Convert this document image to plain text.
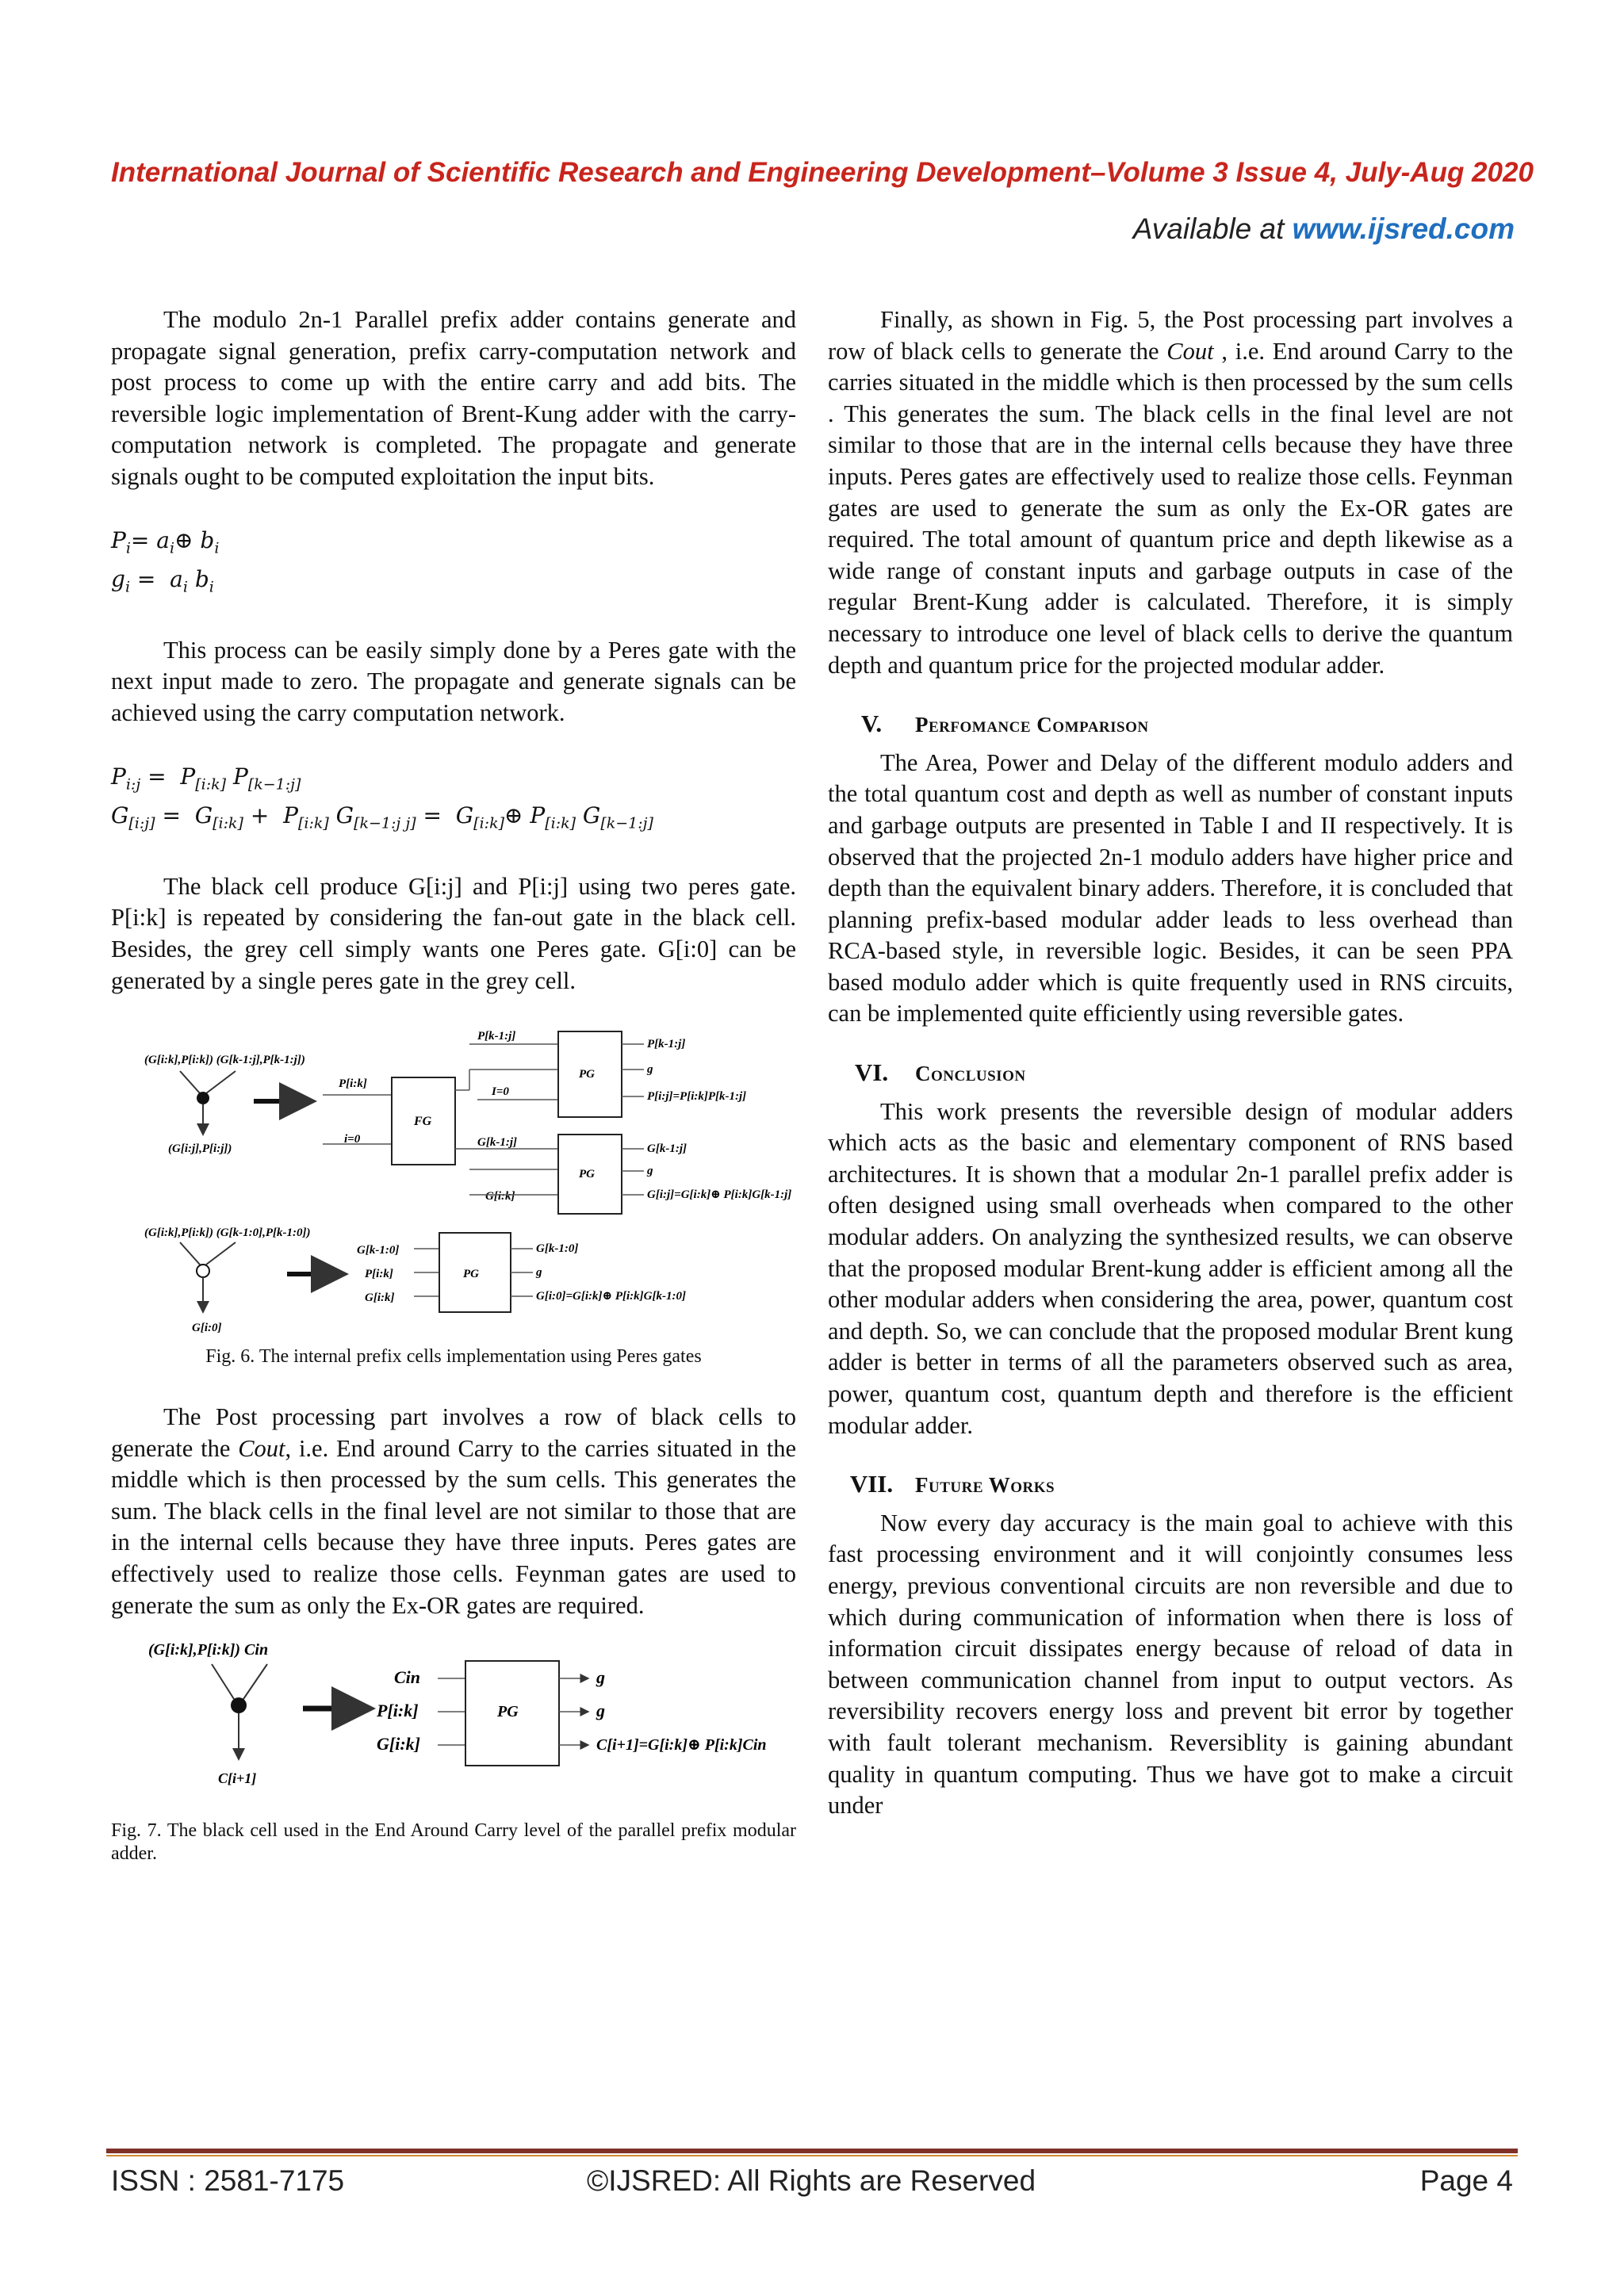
International Journal of Scientific Research and Engineering Development–Volume 3 Issue 4, July-Aug 2020
Available at www.ijsred.com

The modulo 2n-1 Parallel prefix adder contains generate and propagate signal generation, prefix carry-computation network and post process to come up with the entire carry and add bits. The reversible logic implementation of Brent-Kung adder with the carry-computation network is completed. The propagate and generate signals ought to be computed exploitation the input bits.

$P_i=$ $a_i\oplus$ $b_i$
$g_i = a_i$ $b_i$

This process can be easily simply done by a Peres gate with the next input made to zero. The propagate and generate signals can be achieved using the carry computation network.

$P_{i:j} = P_{[i:k]}$ $P_{[k-1:j]}$
$G_{[i:j]} = G_{[i:k]} + P_{[i:k]}$ $G_{[k-1:j j]}$ =  $G_{[i:k]}\oplus$ $P_{[i:k]}$ $G_{[k-1:j]}$

The black cell produce G[i:j] and P[i:j] using two peres gate. P[i:k] is repeated by considering the fan-out gate in the black cell. Besides, the grey cell simply wants one Peres gate. G[i:0] can be generated by a single peres gate in the grey cell.

(G[i:k],P[i:k]) (G[k-1:j],P[k-1:j])
(G[i:j],P[i:j])
P[i:k]
i=0
FG
P[k-1:j]
I=0
PG
P[k-1:j]
g
P[i:j]=P[i:k]P[k-1:j]
G[k-1:j]
G[i:k]
PG
G[k-1:j]
g
G[i:j]=G[i:k]⊕ P[i:k]G[k-1:j]
(G[i:k],P[i:k]) (G[k-1:0],P[k-1:0])
G[i:0]
G[k-1:0]
P[i:k]
G[i:k]
PG
G[k-1:0]
g
G[i:0]=G[i:k]⊕ P[i:k]G[k-1:0]

Fig. 6. The internal prefix cells implementation using Peres gates

The Post processing part involves a row of black cells to generate the Cout, i.e. End around Carry to the carries situated in the middle which is then processed by the sum cells. This generates the sum. The black cells in the final level are not similar to those that are in the internal cells because they have three inputs. Peres gates are effectively used to realize those cells. Feynman gates are used to generate the sum as only the Ex-OR gates are required.

(G[i:k],P[i:k]) Cin
C[i+1]
Cin
P[i:k]
G[i:k]
PG
g
g
C[i+1]=G[i:k]⊕ P[i:k]Cin

Fig. 7. The black cell used in the End Around Carry level of the parallel prefix modular adder.

Finally, as shown in Fig. 5, the Post processing part involves a row of black cells to generate the Cout , i.e. End around Carry to the carries situated in the middle which is then processed by the sum cells . This generates the sum. The black cells in the final level are not similar to those that are in the internal cells because they have three inputs. Peres gates are effectively used to realize those cells. Feynman gates are used to generate the sum as only the Ex-OR gates are required. The total amount of quantum price and depth likewise as a wide range of constant inputs and garbage outputs in case of the regular Brent-Kung adder is calculated. Therefore, it is simply necessary to introduce one level of black cells to derive the quantum depth and quantum price for the projected modular adder.

V.	Perfomance Comparison

The Area, Power and Delay of the different modulo adders and the total quantum cost and depth as well as number of constant inputs and garbage outputs are presented in Table I and II respectively. It is observed that the projected 2n-1 modulo adders have higher price and depth than the equivalent binary adders. Therefore, it is concluded that planning prefix-based modular adder leads to less overhead than RCA-based style, in reversible logic. Besides, it can be seen PPA based modulo adder which is quite frequently used in RNS circuits, can be implemented quite efficiently using reversible gates.

VI.	Conclusion

This work presents the reversible design of modular adders which acts as the basic and elementary component of RNS based architectures. It is shown that a modular 2n-1 parallel prefix adder is often designed using small overheads when compared to the other modular adders. On analyzing the synthesized results, we can observe that the proposed modular Brent-kung adder is efficient among all the other modular adders when considering the area, power, quantum cost and depth. So, we can conclude that the proposed modular Brent kung adder is better in terms of all the parameters observed such as area, power, quantum cost, quantum depth and therefore is the efficient modular adder.

VII.	Future Works

Now every day accuracy is the main goal to achieve with this fast processing environment and it will conjointly consumes less energy, previous conventional circuits are non reversible and due to which during communication of information when there is loss of information circuit dissipates energy because of reload of data in between communication channel from input to output vectors. As reversibility recovers energy loss and prevent bit error by together with fault tolerant mechanism. Reversiblity is gaining abundant quality in quantum computing. Thus we have got to make a circuit under

ISSN : 2581-7175	©IJSRED: All Rights are Reserved	Page 4
